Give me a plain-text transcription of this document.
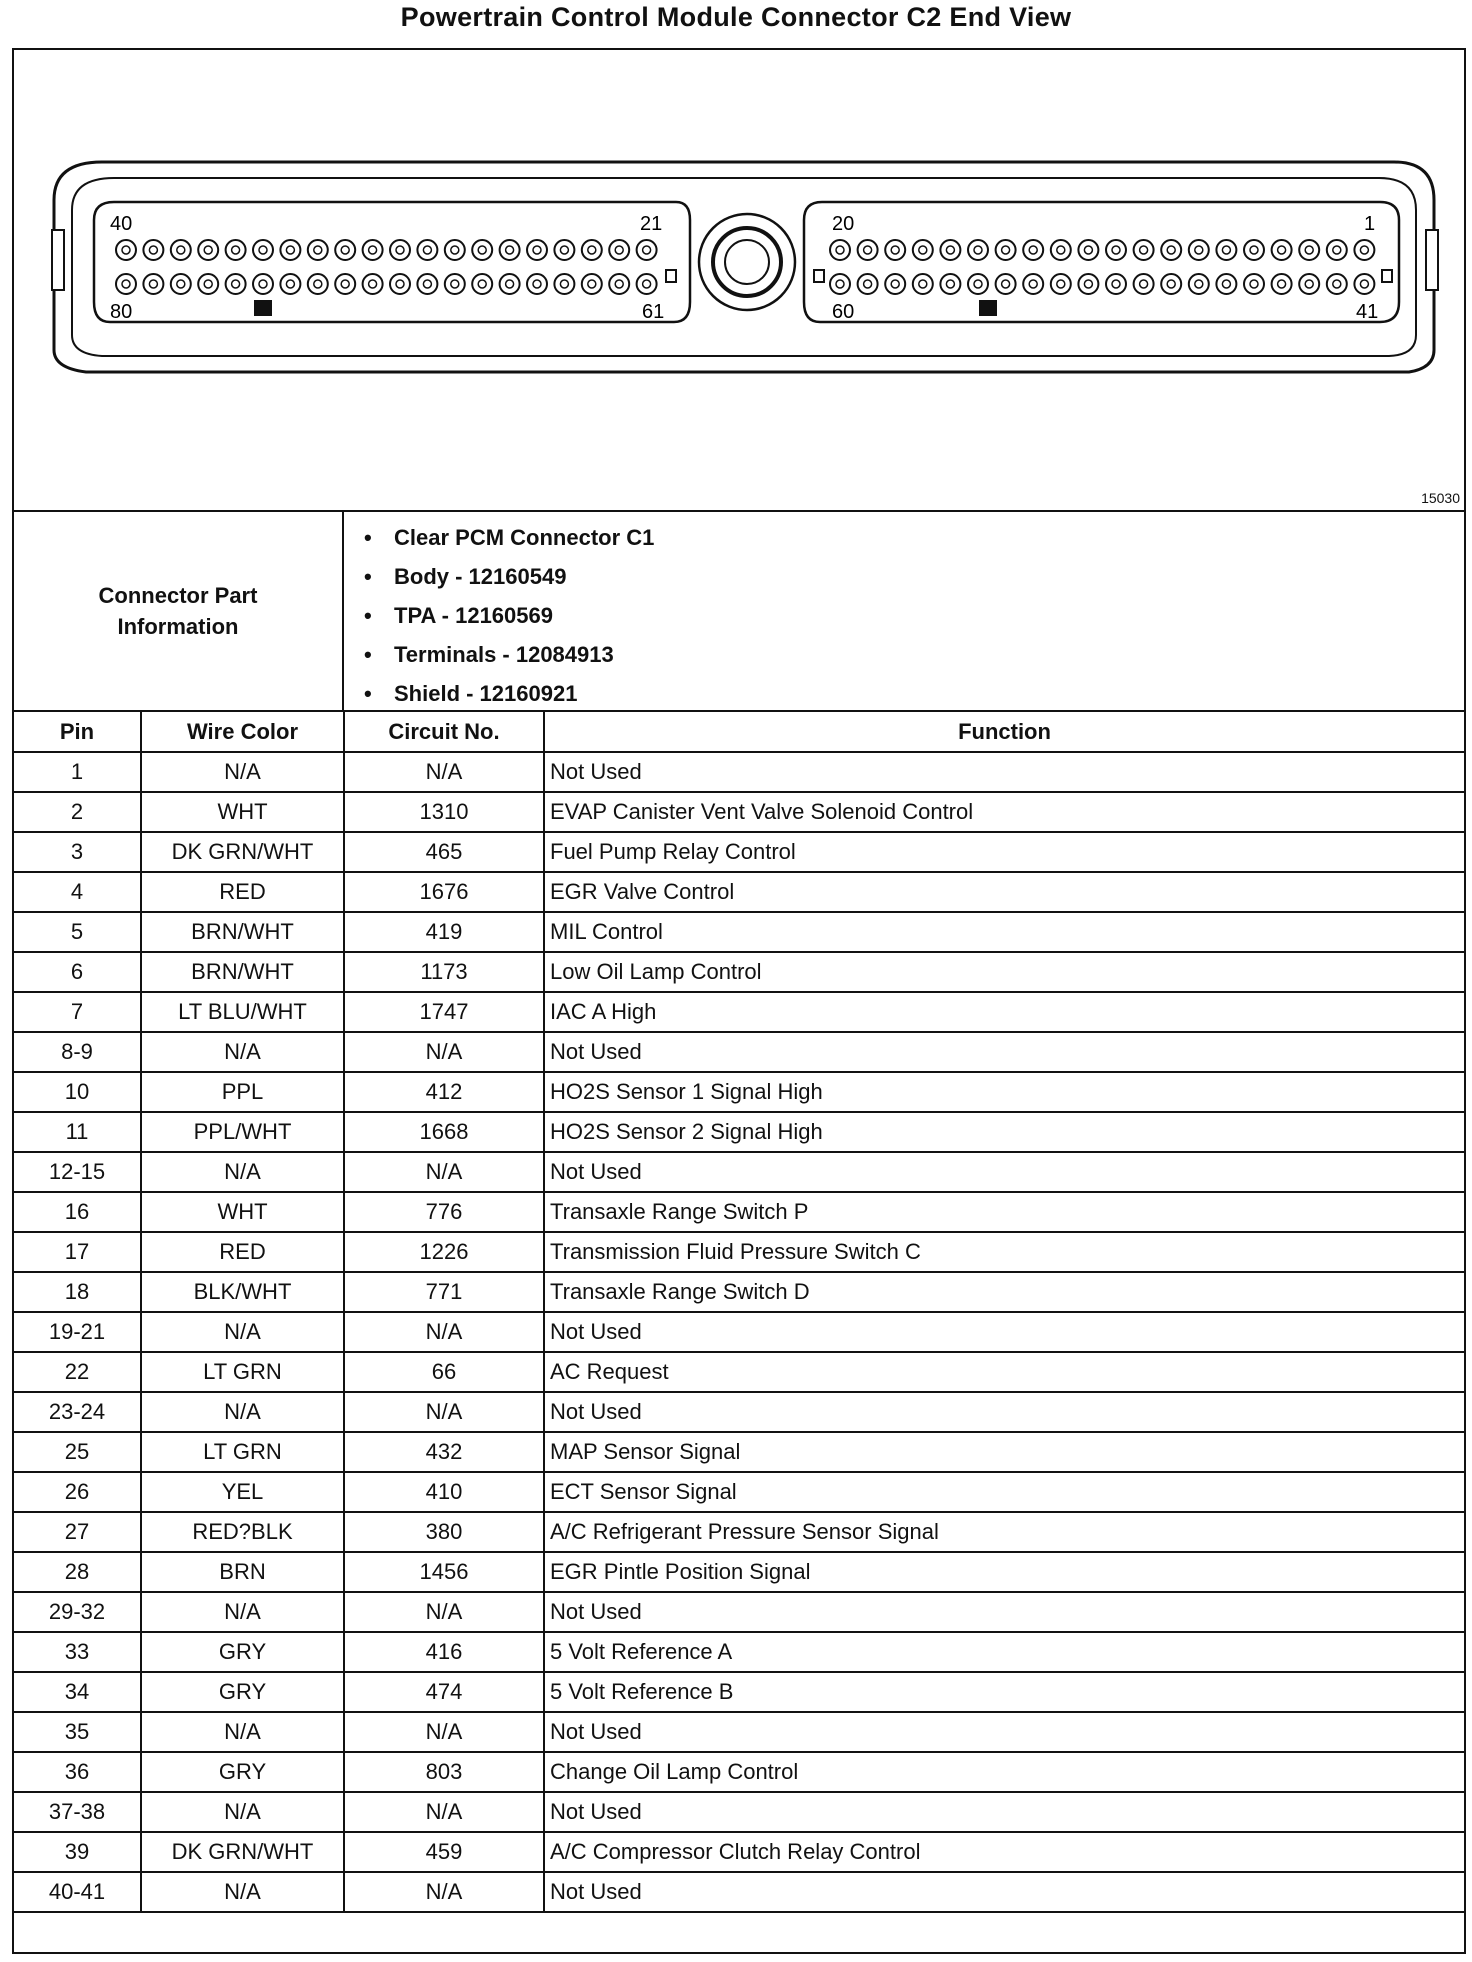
Powertrain Control Module Connector C2 End View
40	21
80	61
20	1
60	41
15030
Connector Part
Information
• Clear PCM Connector C1
• Body - 12160549
• TPA - 12160569
• Terminals - 12084913
• Shield - 12160921
Pin	Wire Color	Circuit No.	Function
1	N/A	N/A	Not Used
2	WHT	1310	EVAP Canister Vent Valve Solenoid Control
3	DK GRN/WHT	465	Fuel Pump Relay Control
4	RED	1676	EGR Valve Control
5	BRN/WHT	419	MIL Control
6	BRN/WHT	1173	Low Oil Lamp Control
7	LT BLU/WHT	1747	IAC A High
8-9	N/A	N/A	Not Used
10	PPL	412	HO2S Sensor 1 Signal High
11	PPL/WHT	1668	HO2S Sensor 2 Signal High
12-15	N/A	N/A	Not Used
16	WHT	776	Transaxle Range Switch P
17	RED	1226	Transmission Fluid Pressure Switch C
18	BLK/WHT	771	Transaxle Range Switch D
19-21	N/A	N/A	Not Used
22	LT GRN	66	AC Request
23-24	N/A	N/A	Not Used
25	LT GRN	432	MAP Sensor Signal
26	YEL	410	ECT Sensor Signal
27	RED?BLK	380	A/C Refrigerant Pressure Sensor Signal
28	BRN	1456	EGR Pintle Position Signal
29-32	N/A	N/A	Not Used
33	GRY	416	5 Volt Reference A
34	GRY	474	5 Volt Reference B
35	N/A	N/A	Not Used
36	GRY	803	Change Oil Lamp Control
37-38	N/A	N/A	Not Used
39	DK GRN/WHT	459	A/C Compressor Clutch Relay Control
40-41	N/A	N/A	Not Used
